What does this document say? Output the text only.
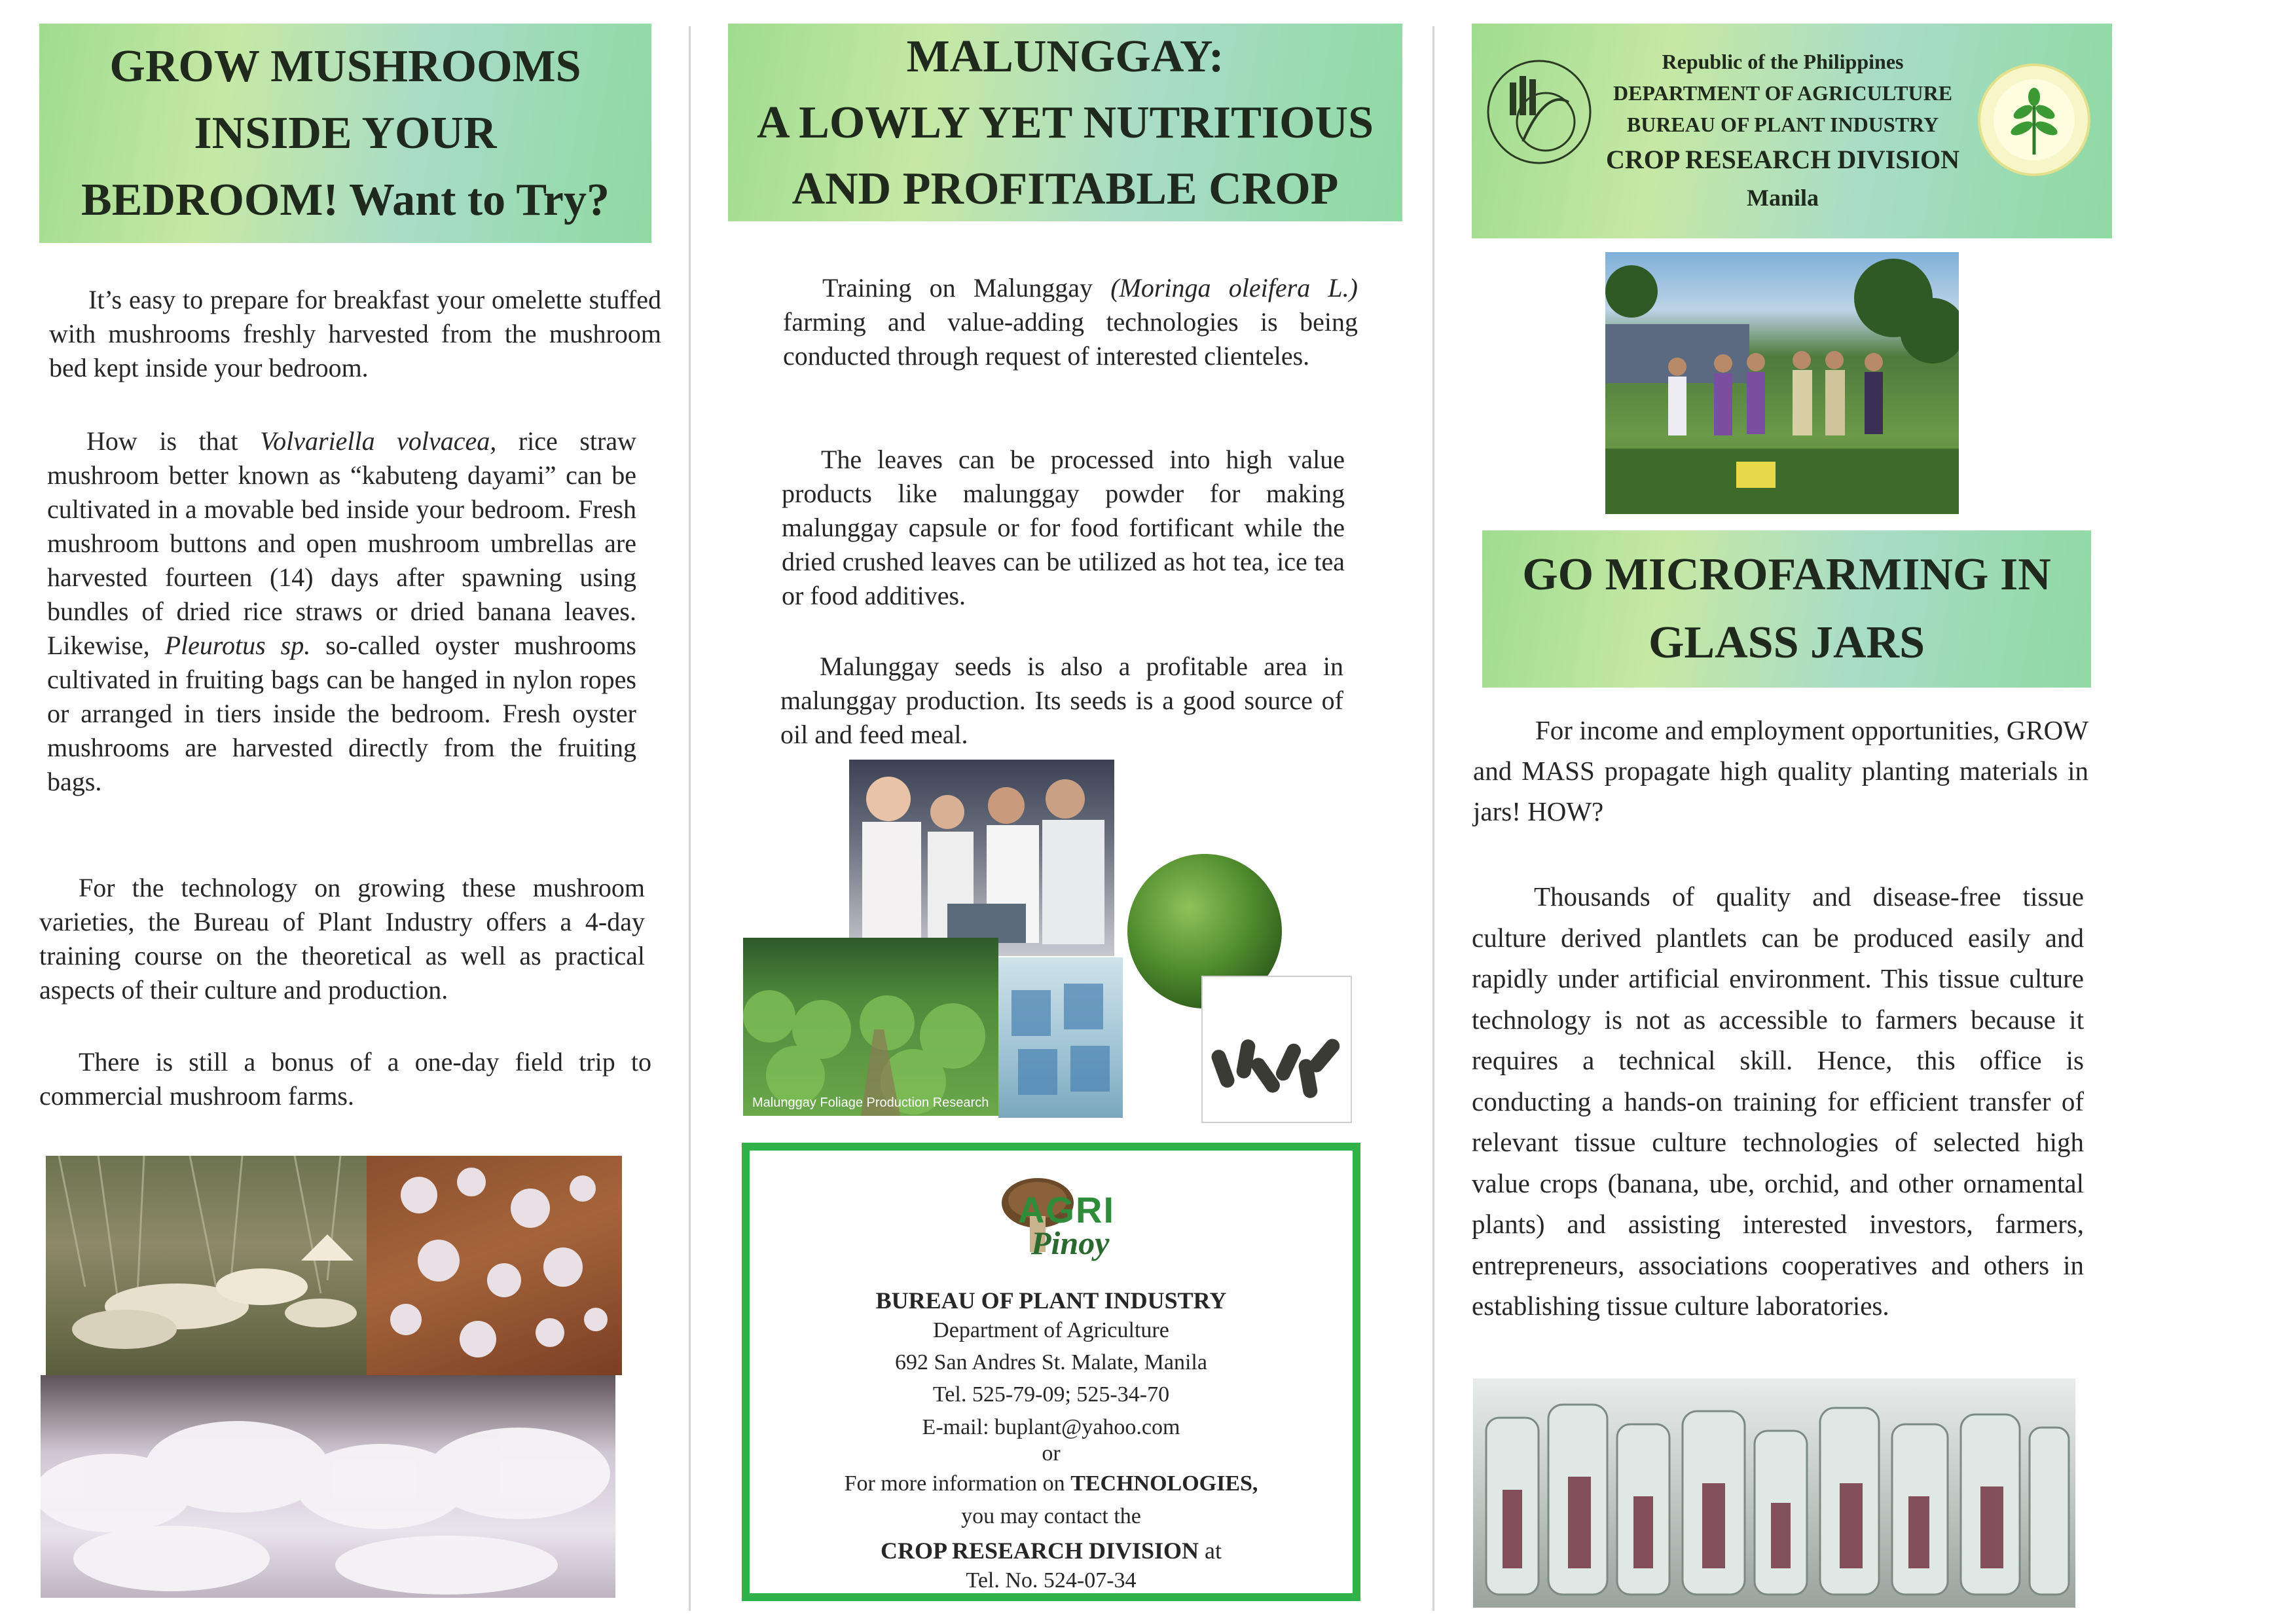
GROW MUSHROOMS
INSIDE YOUR
BEDROOM! Want to Try?

It’s easy to prepare for breakfast your omelette stuffed with mushrooms freshly harvested from the mushroom bed kept inside your bedroom.

How is that Volvariella volvacea, rice straw mushroom better known as “kabuteng dayami” can be cultivated in a movable bed inside your bedroom. Fresh mushroom buttons and open mushroom umbrellas are harvested fourteen (14) days after spawning using bundles of dried rice straws or dried banana leaves. Likewise, Pleurotus sp. so-called oyster mushrooms cultivated in fruiting bags can be hanged in nylon ropes or arranged in tiers inside the bedroom. Fresh oyster mushrooms are harvested directly from the fruiting bags.

For the technology on growing these mushroom varieties, the Bureau of Plant Industry offers a 4-day training course on the theoretical as well as practical aspects of their culture and production.

There is still a bonus of a one-day field trip to commercial mushroom farms.

MALUNGGAY:
A LOWLY YET NUTRITIOUS
AND PROFITABLE CROP

Training on Malunggay (Moringa oleifera L.) farming and value-adding technologies is being conducted through request of interested clienteles.

The leaves can be processed into high value products like malunggay powder for making malunggay capsule or for food fortificant while the dried crushed leaves can be utilized as hot tea, ice tea or food additives.

Malunggay seeds is also a profitable area in malunggay production. Its seeds is a good source of oil and feed meal.

Malunggay Foliage Production Research
AGRI
Pinoy
BUREAU OF PLANT INDUSTRY
Department of Agriculture
692 San Andres St. Malate, Manila
Tel. 525-79-09; 525-34-70
E-mail: buplant@yahoo.com
or
For more information on TECHNOLOGIES,
you may contact the
CROP RESEARCH DIVISION at
Tel. No. 524-07-34
Republic of the Philippines
DEPARTMENT OF AGRICULTURE
BUREAU OF PLANT INDUSTRY
CROP RESEARCH DIVISION
Manila
GO MICROFARMING IN
GLASS JARS

For income and employment opportunities, GROW and MASS propagate high quality planting materials in jars! HOW?

Thousands of quality and disease-free tissue culture derived plantlets can be produced easily and rapidly under artificial environment. This tissue culture technology is not as accessible to farmers because it requires a technical skill. Hence, this office is conducting a hands-on training for efficient transfer of relevant tissue culture technologies of selected high value crops (banana, ube, orchid, and other ornamental plants) and assisting interested investors, farmers, entrepreneurs, associations cooperatives and others in establishing tissue culture laboratories.
